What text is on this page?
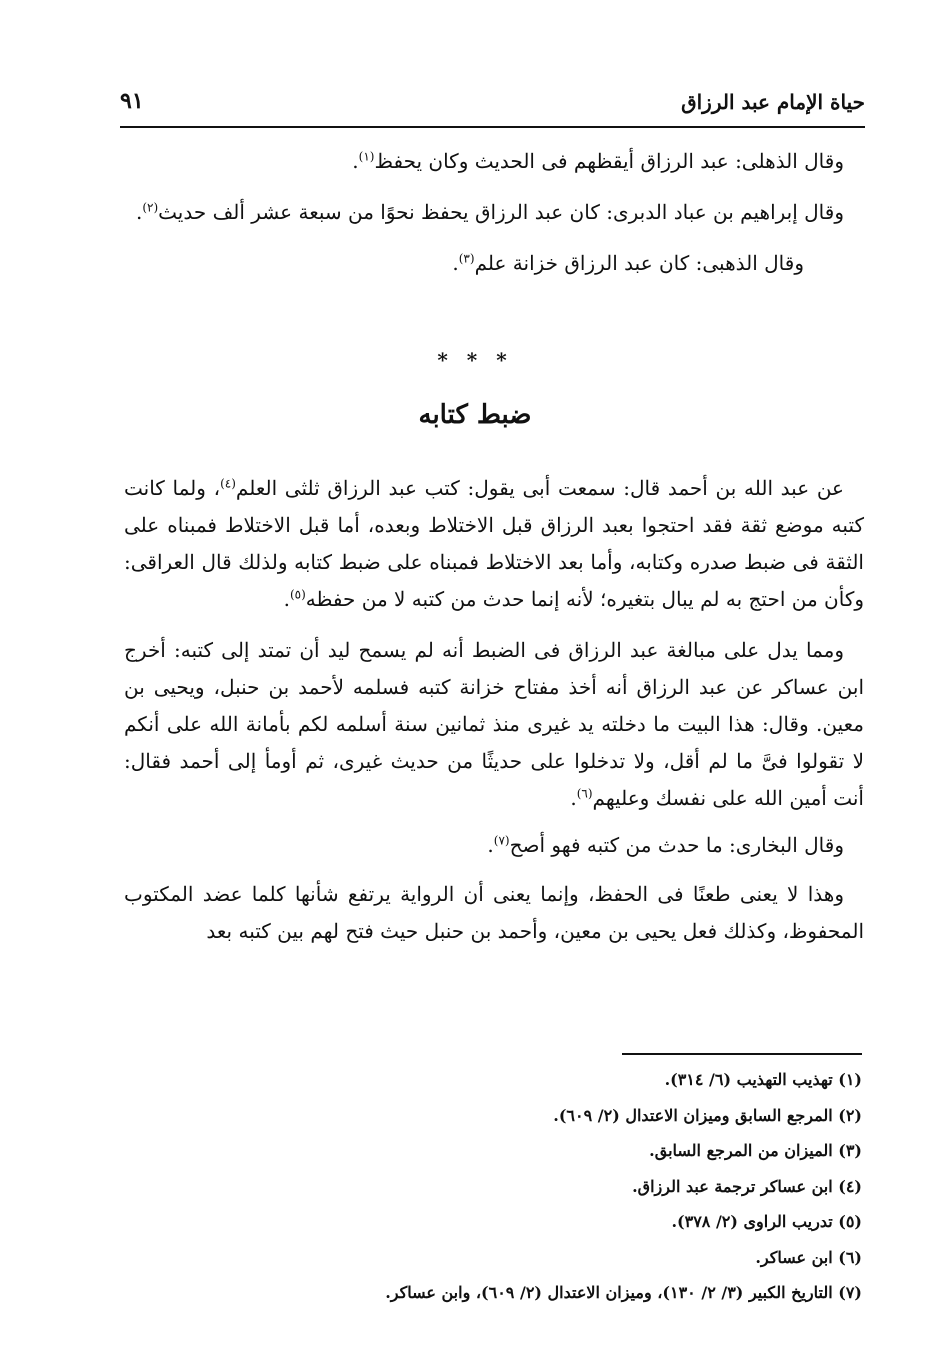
حياة الإمام عبد الرزاق
٩١

وقال الذهلى: عبد الرزاق أيقظهم فى الحديث وكان يحفظ$^{(١)}$.

وقال إبراهيم بن عباد الدبرى: كان عبد الرزاق يحفظ نحوًا من سبعة عشر ألف حديث$^{(٢)}$.

وقال الذهبى: كان عبد الرزاق خزانة علم$^{(٣)}$.

* * *
ضبط كتابه

عن عبد الله بن أحمد قال: سمعت أبى يقول: كتب عبد الرزاق ثلثى العلم$^{(٤)}$، ولما كانت كتبه موضع ثقة فقد احتجوا بعبد الرزاق قبل الاختلاط وبعده، أما قبل الاختلاط فمبناه على الثقة فى ضبط صدره وكتابه، وأما بعد الاختلاط فمبناه على ضبط كتابه ولذلك قال العراقى: وكأن من احتج به لم يبال بتغيره؛ لأنه إنما حدث من كتبه لا من حفظه$^{(٥)}$.

ومما يدل على مبالغة عبد الرزاق فى الضبط أنه لم يسمح ليد أن تمتد إلى كتبه: أخرج ابن عساكر عن عبد الرزاق أنه أخذ مفتاح خزانة كتبه فسلمه لأحمد بن حنبل، ويحيى بن معين. وقال: هذا البيت ما دخلته يد غيرى منذ ثمانين سنة أسلمه لكم بأمانة الله على أنكم لا تقولوا فىَّ ما لم أقل، ولا تدخلوا على حديثًا من حديث غيرى، ثم أومأ إلى أحمد فقال: أنت أمين الله على نفسك وعليهم$^{(٦)}$.

وقال البخارى: ما حدث من كتبه فهو أصح$^{(٧)}$.

وهذا لا يعنى طعنًا فى الحفظ، وإنما يعنى أن الرواية يرتفع شأنها كلما عضد المكتوب المحفوظ، وكذلك فعل يحيى بن معين، وأحمد بن حنبل حيث فتح لهم بين كتبه بعد

(١) تهذيب التهذيب (٦/ ٣١٤).

(٢) المرجع السابق وميزان الاعتدال (٢/ ٦٠٩).

(٣) الميزان من المرجع السابق.

(٤) ابن عساكر ترجمة عبد الرزاق.

(٥) تدريب الراوى (٢/ ٣٧٨).

(٦) ابن عساكر.

(٧) التاريخ الكبير (٣/ ٢/ ١٣٠)، وميزان الاعتدال (٢/ ٦٠٩)، وابن عساكر.
